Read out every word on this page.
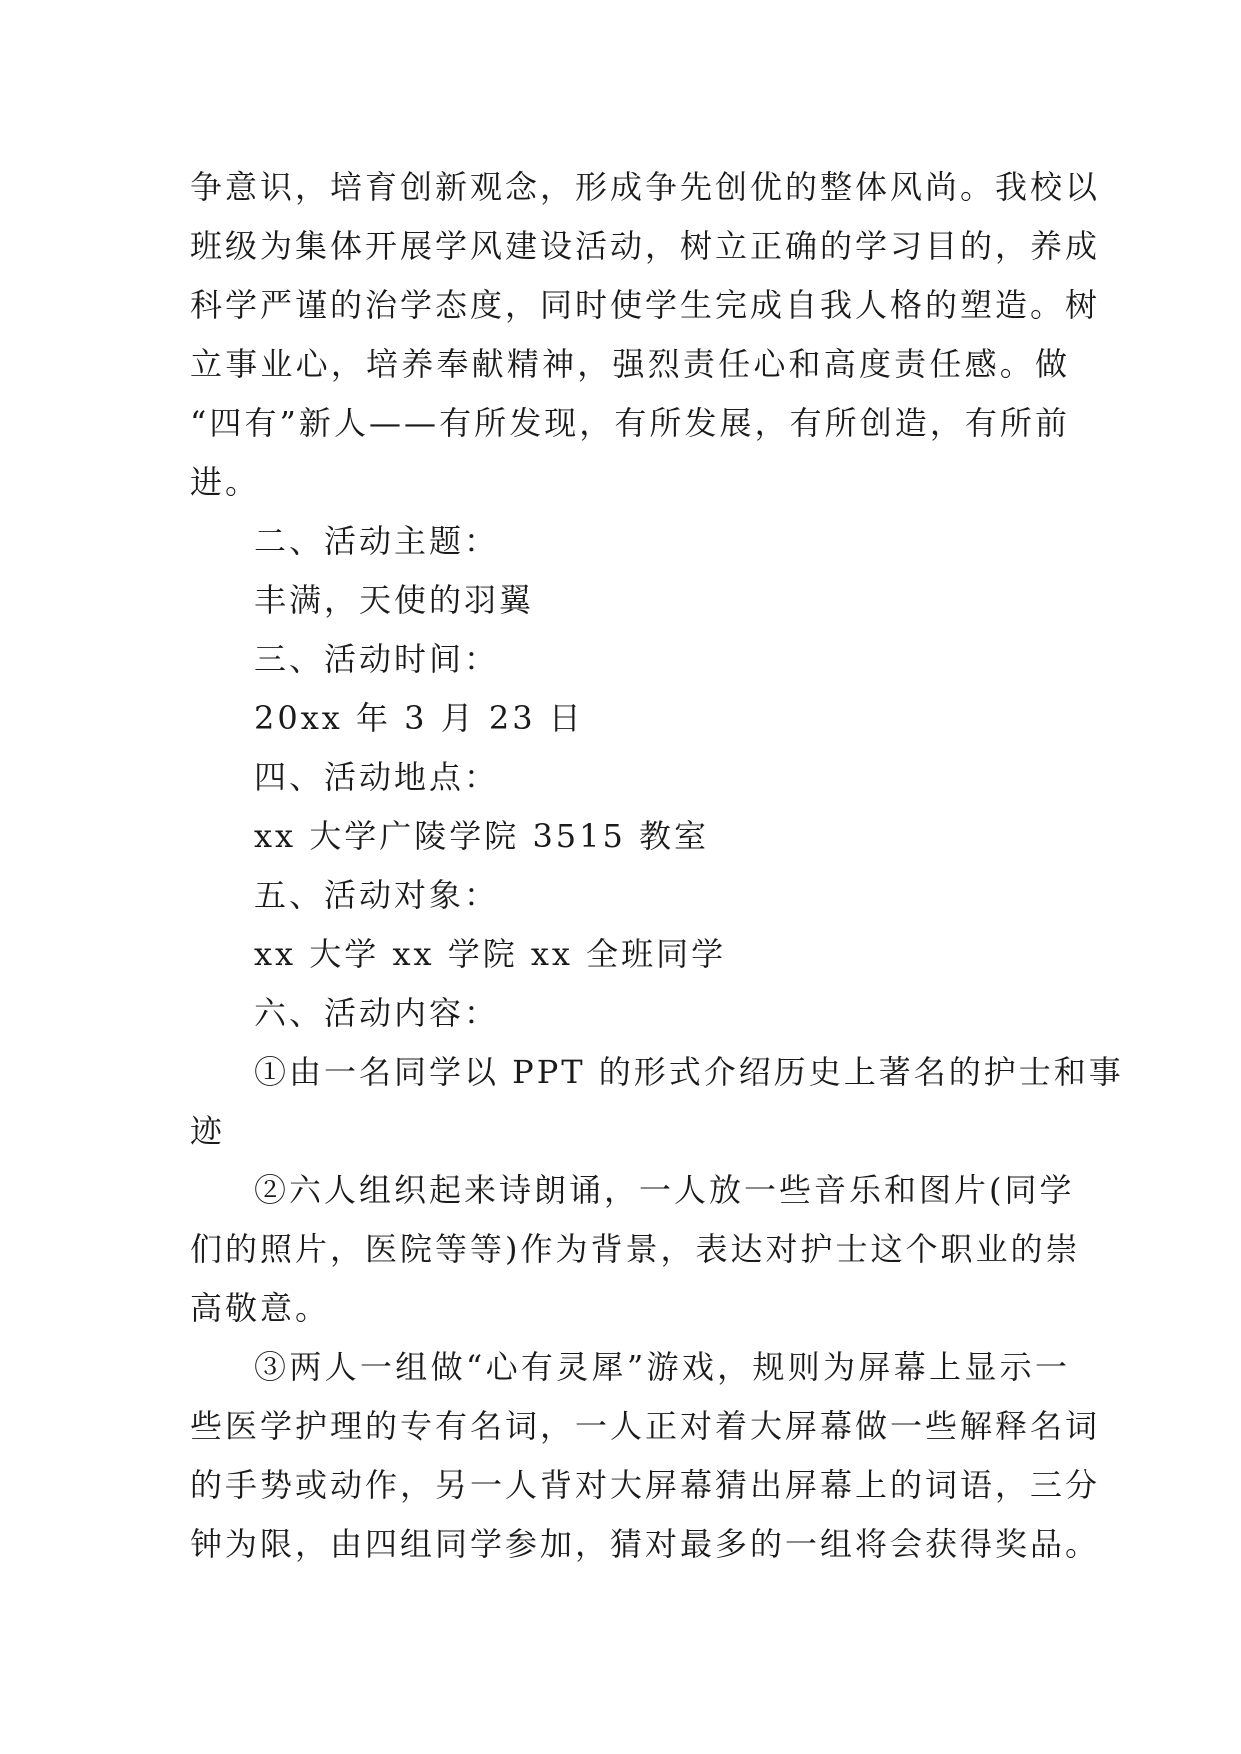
争意识，培育创新观念，形成争先创优的整体风尚。我校以
班级为集体开展学风建设活动，树立正确的学习目的，养成
科学严谨的治学态度，同时使学生完成自我人格的塑造。树
立事业心，培养奉献精神，强烈责任心和高度责任感。做
“四有”新人——有所发现，有所发展，有所创造，有所前
进。
二、活动主题：
丰满，天使的羽翼
三、活动时间：
20xx 年 3 月 23 日
四、活动地点：
xx 大学广陵学院 3515 教室
五、活动对象：
xx 大学 xx 学院 xx 全班同学
六、活动内容：
①由一名同学以 PPT 的形式介绍历史上著名的护士和事
迹
②六人组织起来诗朗诵，一人放一些音乐和图片(同学
们的照片，医院等等)作为背景，表达对护士这个职业的崇
高敬意。
③两人一组做“心有灵犀”游戏，规则为屏幕上显示一
些医学护理的专有名词，一人正对着大屏幕做一些解释名词
的手势或动作，另一人背对大屏幕猜出屏幕上的词语，三分
钟为限，由四组同学参加，猜对最多的一组将会获得奖品。
